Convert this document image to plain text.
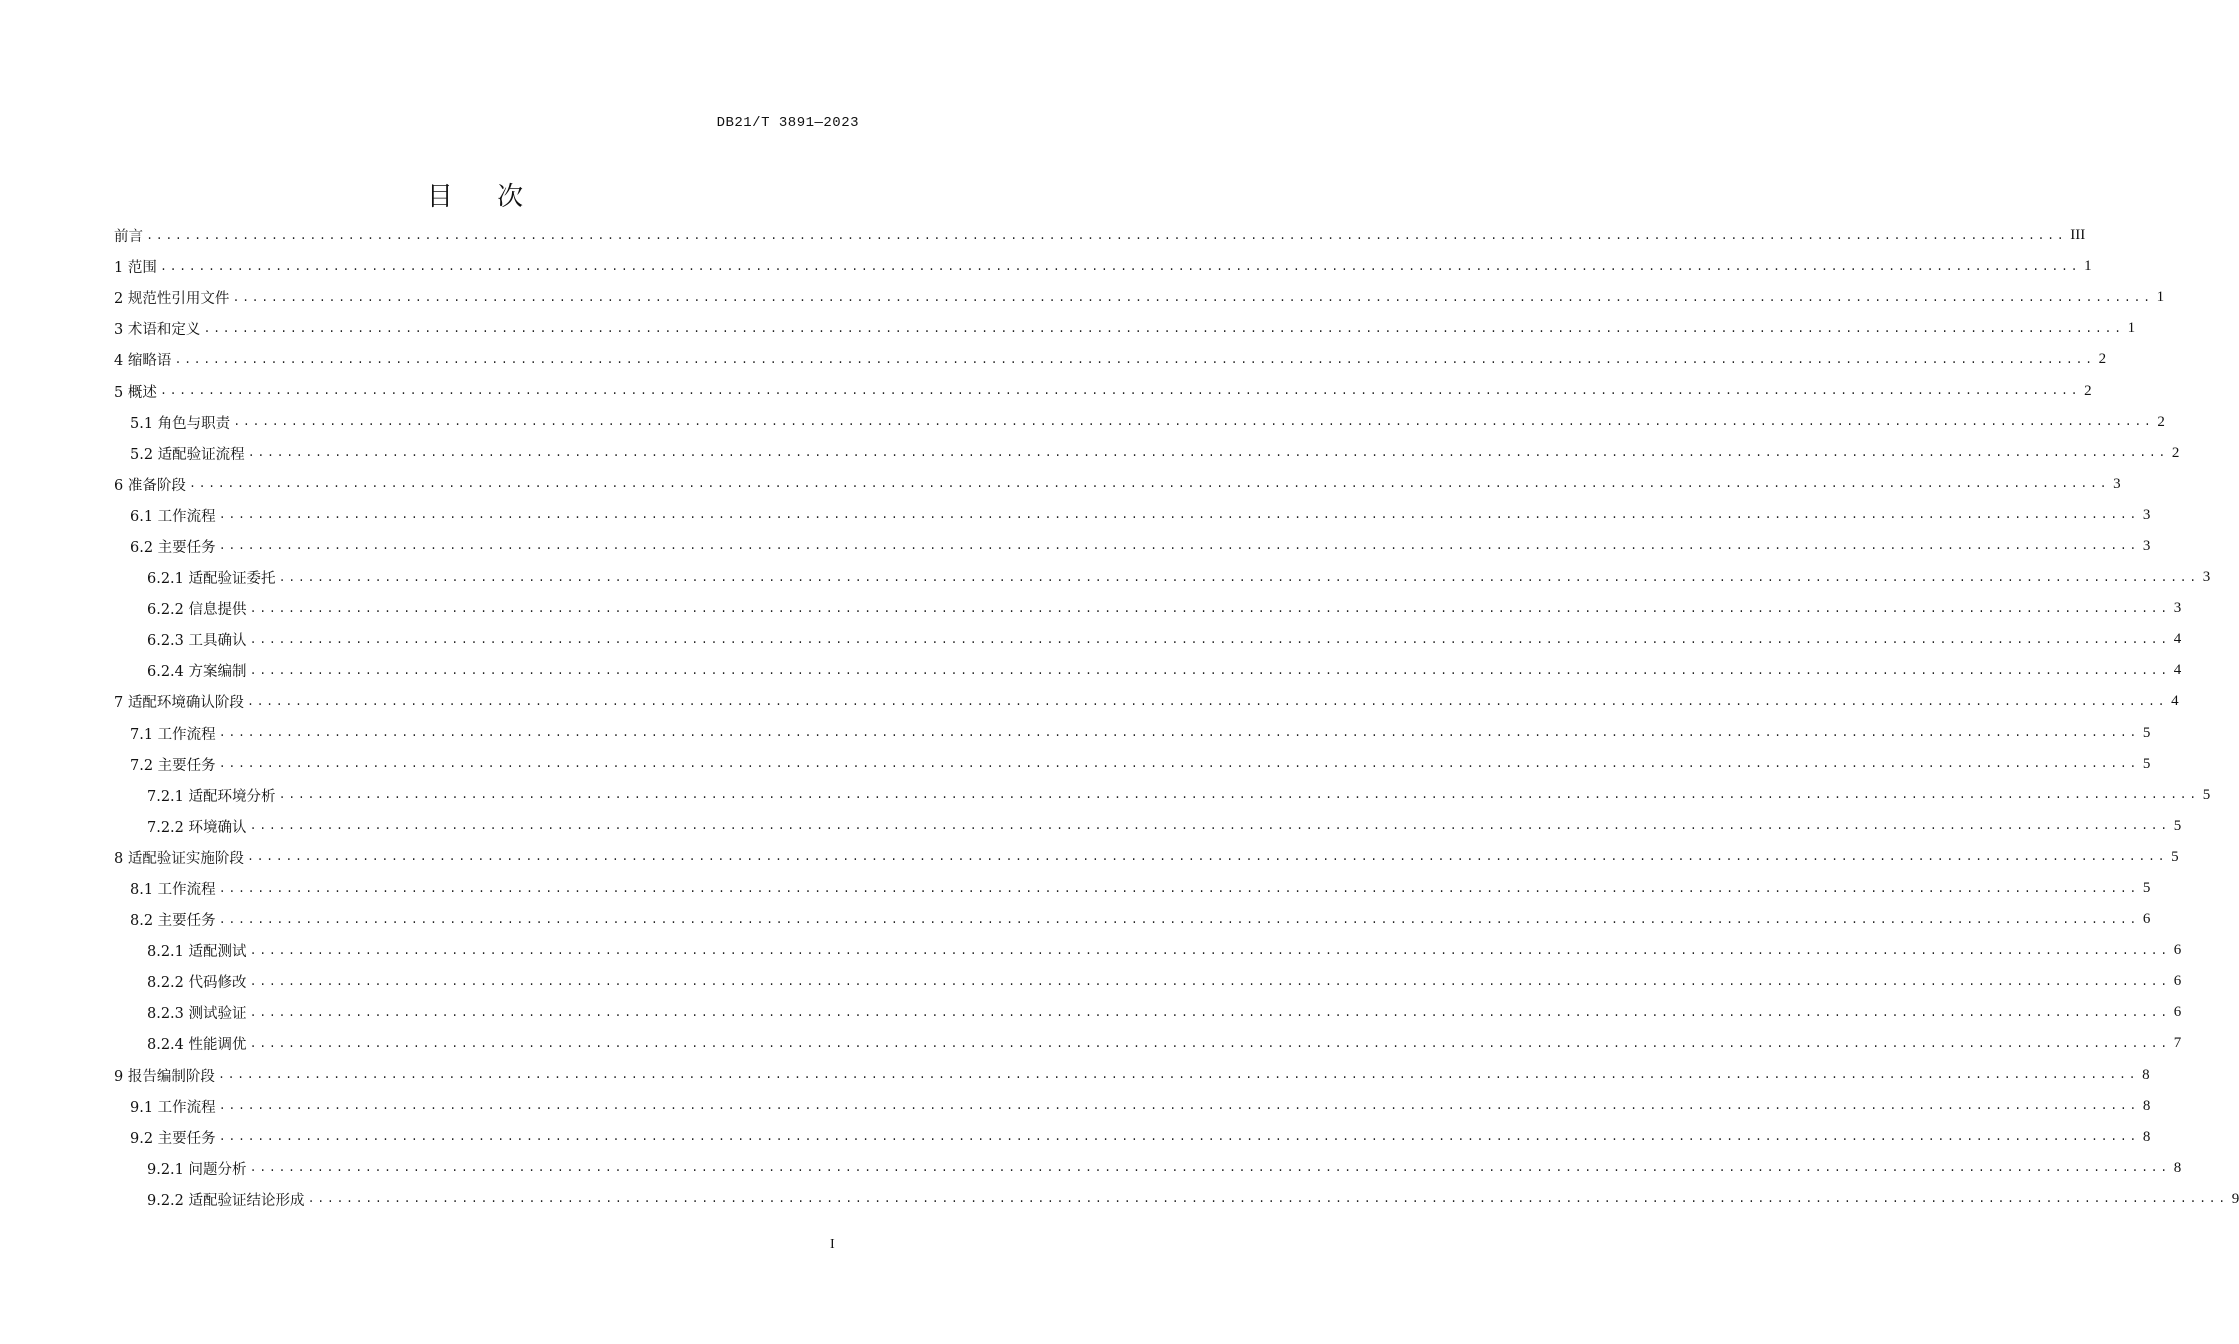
DB21/T 3891—2023
目 次
前言 ........................................................................................................................................................................................................ III
1 范围 ........................................................................................................................................................................................................ 1
2 规范性引用文件 ........................................................................................................................................................................................................ 1
3 术语和定义 ........................................................................................................................................................................................................ 1
4 缩略语 ........................................................................................................................................................................................................ 2
5 概述 ........................................................................................................................................................................................................ 2
5.1 角色与职责 ........................................................................................................................................................................................................ 2
5.2 适配验证流程 ........................................................................................................................................................................................................ 2
6 准备阶段 ........................................................................................................................................................................................................ 3
6.1 工作流程 ........................................................................................................................................................................................................ 3
6.2 主要任务 ........................................................................................................................................................................................................ 3
6.2.1 适配验证委托 ........................................................................................................................................................................................................ 3
6.2.2 信息提供 ........................................................................................................................................................................................................ 3
6.2.3 工具确认 ........................................................................................................................................................................................................ 4
6.2.4 方案编制 ........................................................................................................................................................................................................ 4
7 适配环境确认阶段 ........................................................................................................................................................................................................ 4
7.1 工作流程 ........................................................................................................................................................................................................ 5
7.2 主要任务 ........................................................................................................................................................................................................ 5
7.2.1 适配环境分析 ........................................................................................................................................................................................................ 5
7.2.2 环境确认 ........................................................................................................................................................................................................ 5
8 适配验证实施阶段 ........................................................................................................................................................................................................ 5
8.1 工作流程 ........................................................................................................................................................................................................ 5
8.2 主要任务 ........................................................................................................................................................................................................ 6
8.2.1 适配测试 ........................................................................................................................................................................................................ 6
8.2.2 代码修改 ........................................................................................................................................................................................................ 6
8.2.3 测试验证 ........................................................................................................................................................................................................ 6
8.2.4 性能调优 ........................................................................................................................................................................................................ 7
9 报告编制阶段 ........................................................................................................................................................................................................ 8
9.1 工作流程 ........................................................................................................................................................................................................ 8
9.2 主要任务 ........................................................................................................................................................................................................ 8
9.2.1 问题分析 ........................................................................................................................................................................................................ 8
9.2.2 适配验证结论形成 ........................................................................................................................................................................................................ 9
I
